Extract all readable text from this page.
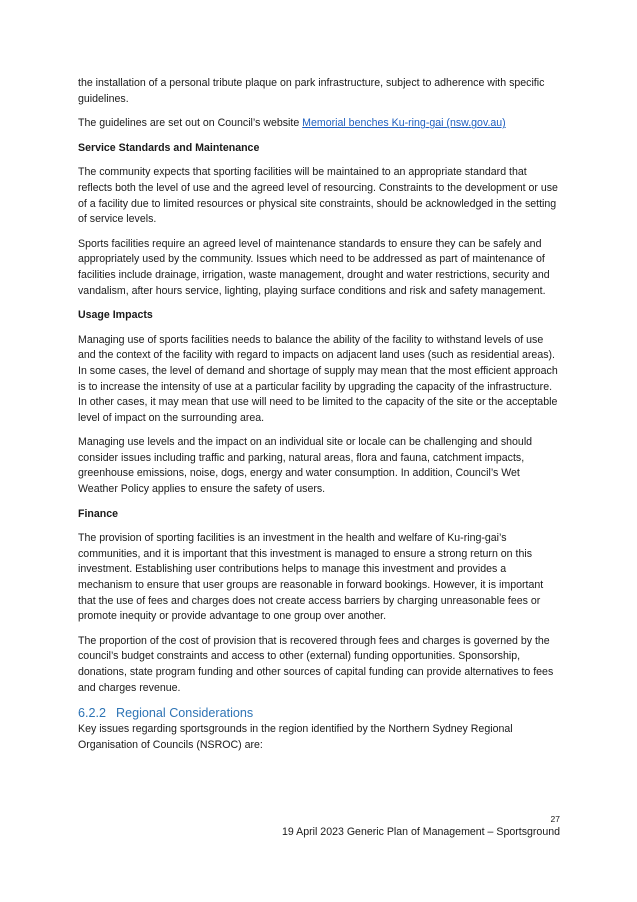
the installation of a personal tribute plaque on park infrastructure, subject to adherence with specific guidelines.

The guidelines are set out on Council’s website Memorial benches Ku-ring-gai (nsw.gov.au)

Service Standards and Maintenance

The community expects that sporting facilities will be maintained to an appropriate standard that reflects both the level of use and the agreed level of resourcing. Constraints to the development or use of a facility due to limited resources or physical site constraints, should be acknowledged in the setting of service levels.

Sports facilities require an agreed level of maintenance standards to ensure they can be safely and appropriately used by the community. Issues which need to be addressed as part of maintenance of facilities include drainage, irrigation, waste management, drought and water restrictions, security and vandalism, after hours service, lighting, playing surface conditions and risk and safety management.

Usage Impacts

Managing use of sports facilities needs to balance the ability of the facility to withstand levels of use and the context of the facility with regard to impacts on adjacent land uses (such as residential areas). In some cases, the level of demand and shortage of supply may mean that the most efficient approach is to increase the intensity of use at a particular facility by upgrading the capacity of the infrastructure. In other cases, it may mean that use will need to be limited to the capacity of the site or the acceptable level of impact on the surrounding area.

Managing use levels and the impact on an individual site or locale can be challenging and should consider issues including traffic and parking, natural areas, flora and fauna, catchment impacts, greenhouse emissions, noise, dogs, energy and water consumption. In addition, Council’s Wet Weather Policy applies to ensure the safety of users.

Finance

The provision of sporting facilities is an investment in the health and welfare of Ku-ring-gai’s communities, and it is important that this investment is managed to ensure a strong return on this investment. Establishing user contributions helps to manage this investment and provides a mechanism to ensure that user groups are reasonable in forward bookings. However, it is important that the use of fees and charges does not create access barriers by charging unreasonable fees or promote inequity or provide advantage to one group over another.

The proportion of the cost of provision that is recovered through fees and charges is governed by the council’s budget constraints and access to other (external) funding opportunities. Sponsorship, donations, state program funding and other sources of capital funding can provide alternatives to fees and charges revenue.

6.2.2 Regional Considerations

Key issues regarding sportsgrounds in the region identified by the Northern Sydney Regional Organisation of Councils (NSROC) are:

27
19 April 2023 Generic Plan of Management – Sportsground
